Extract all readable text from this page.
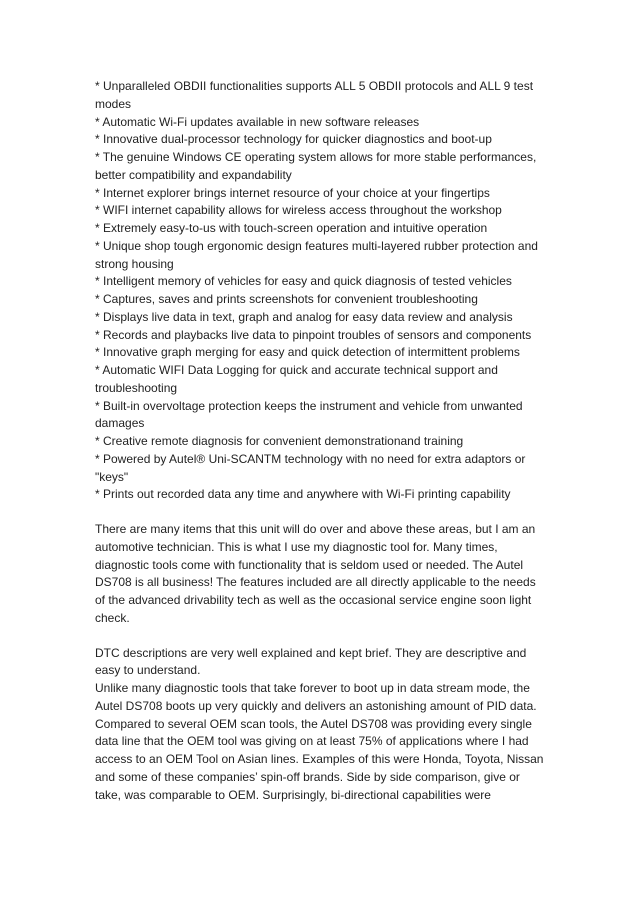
* Unparalleled OBDII functionalities supports ALL 5 OBDII protocols and ALL 9 test modes

* Automatic Wi-Fi updates available in new software releases

* Innovative dual-processor technology for quicker diagnostics and boot-up

* The genuine Windows CE operating system allows for more stable performances, better compatibility and expandability

* Internet explorer brings internet resource of your choice at your fingertips

* WIFI internet capability allows for wireless access throughout the workshop

* Extremely easy-to-us with touch-screen operation and intuitive operation

* Unique shop tough ergonomic design features multi-layered rubber protection and strong housing

* Intelligent memory of vehicles for easy and quick diagnosis of tested vehicles

* Captures, saves and prints screenshots for convenient troubleshooting

* Displays live data in text, graph and analog for easy data review and analysis

* Records and playbacks live data to pinpoint troubles of sensors and components

* Innovative graph merging for easy and quick detection of intermittent problems

* Automatic WIFI Data Logging for quick and accurate technical support and troubleshooting

* Built-in overvoltage protection keeps the instrument and vehicle from unwanted damages

* Creative remote diagnosis for convenient demonstrationand training

* Powered by Autel® Uni-SCANTM technology with no need for extra adaptors or "keys"

* Prints out recorded data any time and anywhere with Wi-Fi printing capability

There are many items that this unit will do over and above these areas, but I am an automotive technician. This is what I use my diagnostic tool for. Many times, diagnostic tools come with functionality that is seldom used or needed. The Autel DS708 is all business! The features included are all directly applicable to the needs of the advanced drivability tech as well as the occasional service engine soon light check.

DTC descriptions are very well explained and kept brief. They are descriptive and easy to understand.

Unlike many diagnostic tools that take forever to boot up in data stream mode, the Autel DS708 boots up very quickly and delivers an astonishing amount of PID data. Compared to several OEM scan tools, the Autel DS708 was providing every single data line that the OEM tool was giving on at least 75% of applications where I had access to an OEM Tool on Asian lines. Examples of this were Honda, Toyota, Nissan and some of these companies’ spin-off brands. Side by side comparison, give or take, was comparable to OEM. Surprisingly, bi-directional capabilities were
